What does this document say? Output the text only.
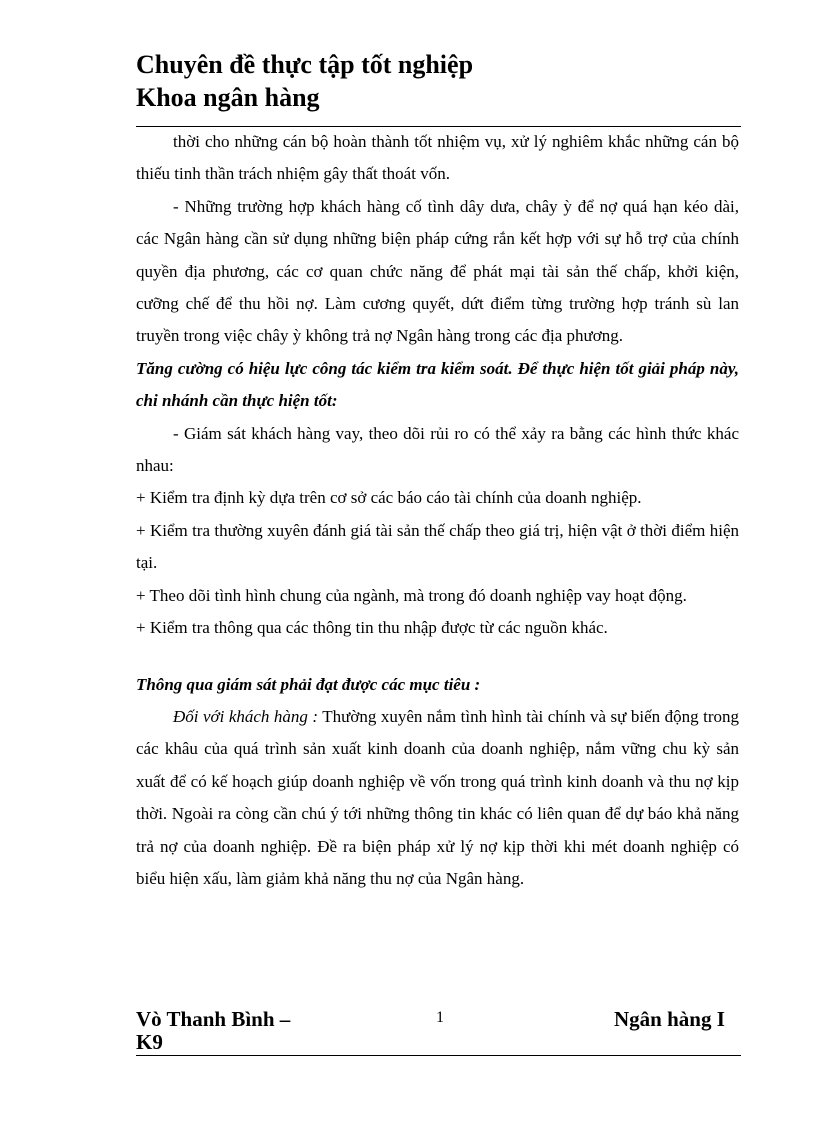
Chuyên đề thực tập tốt nghiệp
Khoa ngân hàng

thời cho những cán bộ hoàn thành tốt nhiệm vụ, xử lý nghiêm khắc những cán bộ thiếu tinh thần trách nhiệm gây thất thoát vốn.

- Những trường hợp khách hàng cố tình dây dưa, chây ỳ để nợ quá hạn kéo dài, các Ngân hàng cần sử dụng những biện pháp cứng rắn kết hợp với sự hỗ trợ của chính quyền địa phương, các cơ quan chức năng để phát mại tài sản thế chấp, khởi kiện, cưỡng chế để thu hồi nợ. Làm cương quyết, dứt điểm từng trường hợp tránh sù lan truyền trong việc chây ỳ không trả nợ Ngân hàng trong các địa phương.

Tăng cường có hiệu lực công tác kiểm tra kiểm soát. Để thực hiện tốt giải pháp này, chi nhánh cần thực hiện tốt:

- Giám sát khách hàng vay, theo dõi rủi ro có thể xảy ra bằng các hình thức khác nhau:

+ Kiểm tra định kỳ dựa trên cơ sở các báo cáo tài chính của doanh nghiệp.

+ Kiểm tra thường xuyên đánh giá tài sản thế chấp theo giá trị, hiện vật ở thời điểm hiện tại.

+ Theo dõi tình hình chung của ngành, mà trong đó doanh nghiệp vay hoạt động.

+ Kiểm tra thông qua các thông tin thu nhập được từ các nguồn khác.

Thông qua giám sát phải đạt được các mục tiêu :

Đối với khách hàng : Thường xuyên nắm tình hình tài chính và sự biến động trong các khâu của quá trình sản xuất kinh doanh của doanh nghiệp, nắm vững chu kỳ sản xuất để có kế hoạch giúp doanh nghiệp về vốn trong quá trình kinh doanh và thu nợ kịp thời. Ngoài ra còng cần chú ý tới những thông tin khác có liên quan để dự báo khả năng trả nợ của doanh nghiệp. Đề ra biện pháp xử lý nợ kịp thời khi mét doanh nghiệp có biểu hiện xấu, làm giảm khả năng thu nợ của Ngân hàng.

Vò Thanh Bình – K9
1	Ngân hàng I
